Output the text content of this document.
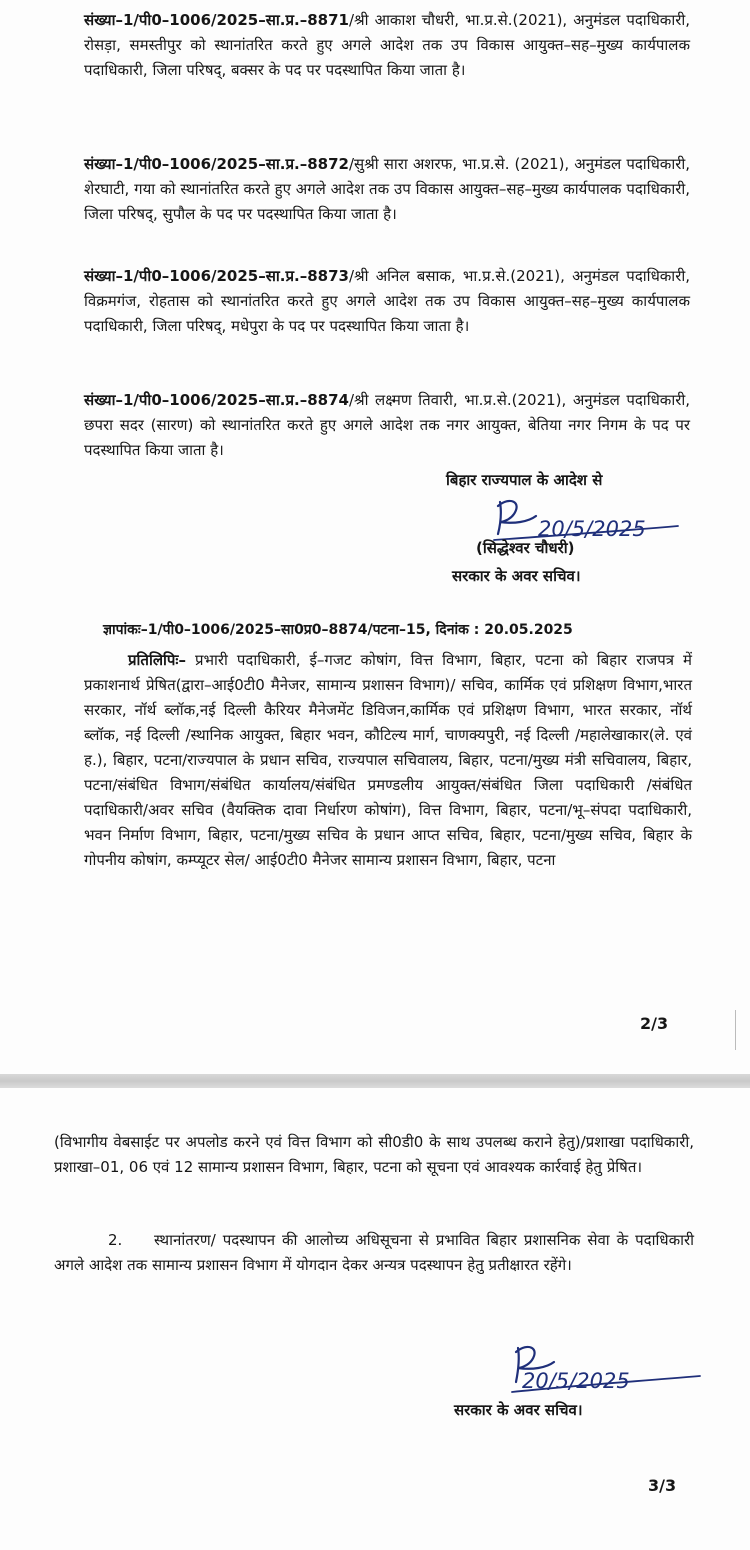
संख्या–1/पी0–1006/2025–सा.प्र.–8871/श्री आकाश चौधरी, भा.प्र.से.(2021), अनुमंडल पदाधिकारी, रोसड़ा, समस्तीपुर को स्थानांतरित करते हुए अगले आदेश तक उप विकास आयुक्त–सह–मुख्य कार्यपालक पदाधिकारी, जिला परिषद्, बक्सर के पद पर पदस्थापित किया जाता है।

संख्या–1/पी0–1006/2025–सा.प्र.–8872/सुश्री सारा अशरफ, भा.प्र.से. (2021), अनुमंडल पदाधिकारी, शेरघाटी, गया को स्थानांतरित करते हुए अगले आदेश तक उप विकास आयुक्त–सह–मुख्य कार्यपालक पदाधिकारी, जिला परिषद्, सुपौल के पद पर पदस्थापित किया जाता है।

संख्या–1/पी0–1006/2025–सा.प्र.–8873/श्री अनिल बसाक, भा.प्र.से.(2021), अनुमंडल पदाधिकारी, विक्रमगंज, रोहतास को स्थानांतरित करते हुए अगले आदेश तक उप विकास आयुक्त–सह–मुख्य कार्यपालक पदाधिकारी, जिला परिषद्, मधेपुरा के पद पर पदस्थापित किया जाता है।

संख्या–1/पी0–1006/2025–सा.प्र.–8874/श्री लक्ष्मण तिवारी, भा.प्र.से.(2021), अनुमंडल पदाधिकारी, छपरा सदर (सारण) को स्थानांतरित करते हुए अगले आदेश तक नगर आयुक्त, बेतिया नगर निगम के पद पर पदस्थापित किया जाता है।

बिहार राज्यपाल के आदेश से

20/5/2025

(सिद्धेश्वर चौधरी)

सरकार के अवर सचिव।

ज्ञापांकः–1/पी0–1006/2025–सा0प्र0–8874/पटना–15, दिनांक : 20.05.2025

प्रतिलिपिः– प्रभारी पदाधिकारी, ई–गजट कोषांग, वित्त विभाग, बिहार, पटना को बिहार राजपत्र में प्रकाशनार्थ प्रेषित(द्वारा–आई0टी0 मैनेजर, सामान्य प्रशासन विभाग)/ सचिव, कार्मिक एवं प्रशिक्षण विभाग,भारत सरकार, नॉर्थ ब्लॉक,नई दिल्ली कैरियर मैनेजमेंट डिविजन,कार्मिक एवं प्रशिक्षण विभाग, भारत सरकार, नॉर्थ ब्लॉक, नई दिल्ली /स्थानिक आयुक्त, बिहार भवन, कौटिल्य मार्ग, चाणक्यपुरी, नई दिल्ली /महालेखाकार(ले. एवं ह.), बिहार, पटना/राज्यपाल के प्रधान सचिव, राज्यपाल सचिवालय, बिहार, पटना/मुख्य मंत्री सचिवालय, बिहार, पटना/संबंधित विभाग/संबंधित कार्यालय/संबंधित प्रमण्डलीय आयुक्त/संबंधित जिला पदाधिकारी /संबंधित पदाधिकारी/अवर सचिव (वैयक्तिक दावा निर्धारण कोषांग), वित्त विभाग, बिहार, पटना/भू–संपदा पदाधिकारी, भवन निर्माण विभाग, बिहार, पटना/मुख्य सचिव के प्रधान आप्त सचिव, बिहार, पटना/मुख्य सचिव, बिहार के गोपनीय कोषांग, कम्प्यूटर सेल/ आई0टी0 मैनेजर सामान्य प्रशासन विभाग, बिहार, पटना

2/3

(विभागीय वेबसाईट पर अपलोड करने एवं वित्त विभाग को सी0डी0 के साथ उपलब्ध कराने हेतु)/प्रशाखा पदाधिकारी, प्रशाखा–01, 06 एवं 12 सामान्य प्रशासन विभाग, बिहार, पटना को सूचना एवं आवश्यक कार्रवाई हेतु प्रेषित।

2. स्थानांतरण/ पदस्थापन की आलोच्य अधिसूचना से प्रभावित बिहार प्रशासनिक सेवा के पदाधिकारी अगले आदेश तक सामान्य प्रशासन विभाग में योगदान देकर अन्यत्र पदस्थापन हेतु प्रतीक्षारत रहेंगे।

20/5/2025

सरकार के अवर सचिव।

3/3
